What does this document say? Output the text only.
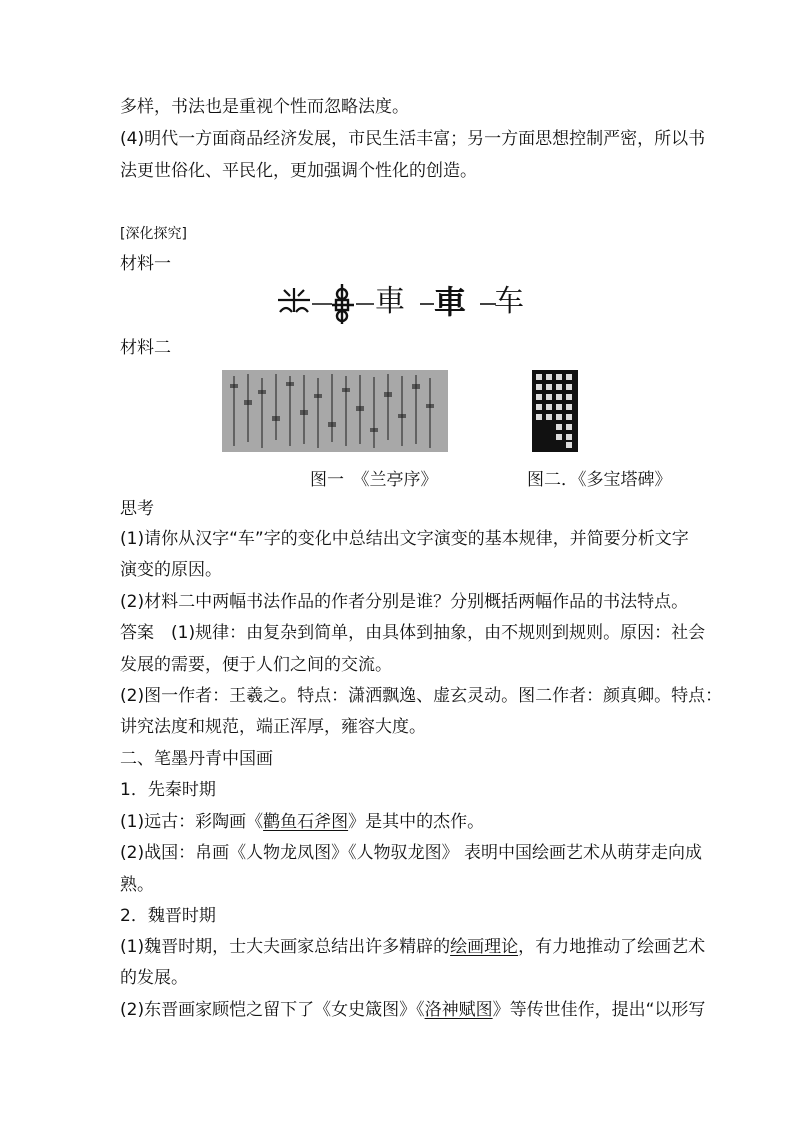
多样，书法也是重视个性而忽略法度。
(4)明代一方面商品经济发展，市民生活丰富；另一方面思想控制严密，所以书
法更世俗化、平民化，更加强调个性化的创造。
[深化探究]
材料一
車 車 车
材料二
图一　《兰亭序》	图二．《多宝塔碑》
思考
(1)请你从汉字“车”字的变化中总结出文字演变的基本规律，并简要分析文字
演变的原因。
(2)材料二中两幅书法作品的作者分别是谁？分别概括两幅作品的书法特点。
答案　(1)规律：由复杂到简单，由具体到抽象，由不规则到规则。原因：社会
发展的需要，便于人们之间的交流。
(2)图一作者：王羲之。特点：潇洒飘逸、虚玄灵动。图二作者：颜真卿。特点：
讲究法度和规范，端正浑厚，雍容大度。
二、笔墨丹青中国画
1．先秦时期
(1)远古：彩陶画《鹳鱼石斧图》是其中的杰作。
(2)战国：帛画《人物龙凤图》《人物驭龙图》 表明中国绘画艺术从萌芽走向成
熟。
2．魏晋时期
(1)魏晋时期，士大夫画家总结出许多精辟的绘画理论，有力地推动了绘画艺术
的发展。
(2)东晋画家顾恺之留下了《女史箴图》《洛神赋图》等传世佳作，提出“以形写
